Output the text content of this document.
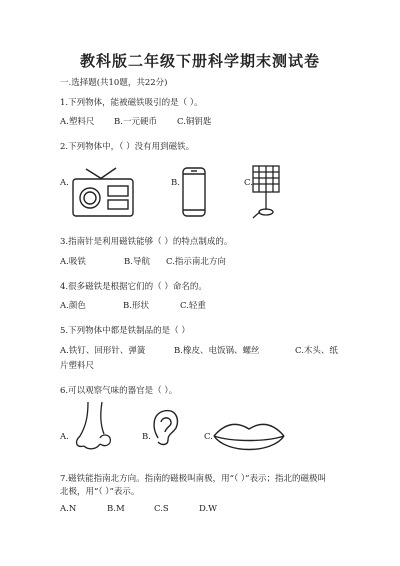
教科版二年级下册科学期末测试卷
一.选择题(共10题，共22分)
1.下列物体，能被磁铁吸引的是（ ）。
A.塑料尺 B.一元硬币 C.铜钥匙
2.下列物体中，（ ）没有用到磁铁。
A.	B.	C.
3.指南针是利用磁铁能够（ ）的特点制成的。
A.吸铁	B.导航 C.指示南北方向
4.很多磁铁是根据它们的（ ）命名的。
A.颜色	B.形状	C.轻重
5.下列物体中都是铁制品的是（ ）
A.铁钉、回形针、弹簧	B.橡皮、电饭锅、螺丝	C.木头、纸
片塑料尺
6.可以观察气味的器官是（ ）。
A.	B.	C.
7.磁铁能指南北方向。指南的磁极叫南极，用“（ ）”表示；指北的磁极叫
北极，用“（ ）”表示。
A.N	B.M	C.S	D.W
